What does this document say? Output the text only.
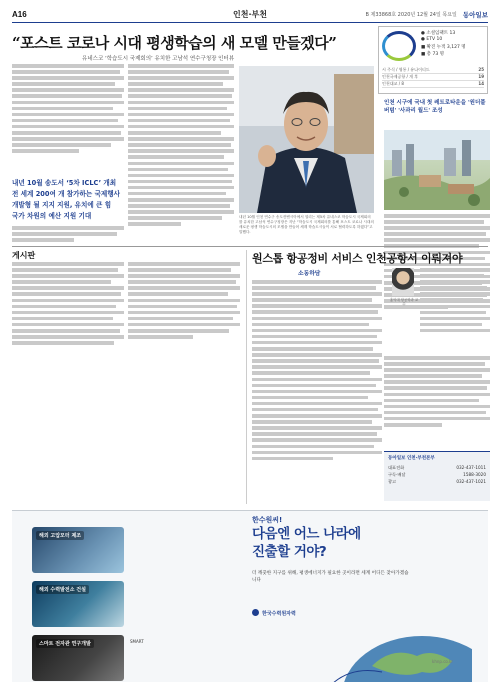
A16	인천·부천	B 제33868호 2020년 12월 24일 목요일 동아일보
“포스트 코로나 시대 평생학습의 새 모델 만들겠다”
유네스코 ‘학습도시 국제회의’ 유치한 고남석 연수구청장 인터뷰
● 소셜임팩트 13
● ETV 10
■ 확진 누적 3,127 명
■ 총 73 명
시 주식 / 영통 / 유나이티드	25
인천국제공항 / 개 후	19
인천대교 / 8	14
내년 10월 송도서 ‘5차 ICLC’ 개최
전 세계 200여 개 참가하는 국제행사
개발형 될 지지 지원, 유치에 큰 힘
국가 차원의 예산 지원 기대	내년 10월 인천 연수구 송도컨벤시아에서 열리는 제5차 유네스코 학습도시 국제회의를 유치한 고남석 연수구청장은 지난 “학습도시 국제회의를 통해 포스트 코로나 시대의 새로운 평생 학습도시의 모델을 만들어 세계 학습도시들이 서로 협력하도록 하겠다”고 말했다.
인천 시구에 국내 첫 레트로타운을 '원더풀 버텀' '사과리 월드' 조성
게시판	원스톱 항공정비 서비스 인천공항서 이뤄져야
소동하담
홍익대 항공학과 교수
동아일보 인천·부천본부
대표전화	032-437-1011
구독·배달	1588-3020
광고	032-437-1021
해외 고압모터 제조
해외 수력발전소 건설
스마트 전자관 연구개발	SMART
한수원씨!
다음엔 어느 나라에
진출할 거야?
더 깨끗한 지구를 위해, 평생에너지가 필요한 곳이라면 세계 어디든 찾아가겠습니다
한국수력원자력
khnp.co.kr
